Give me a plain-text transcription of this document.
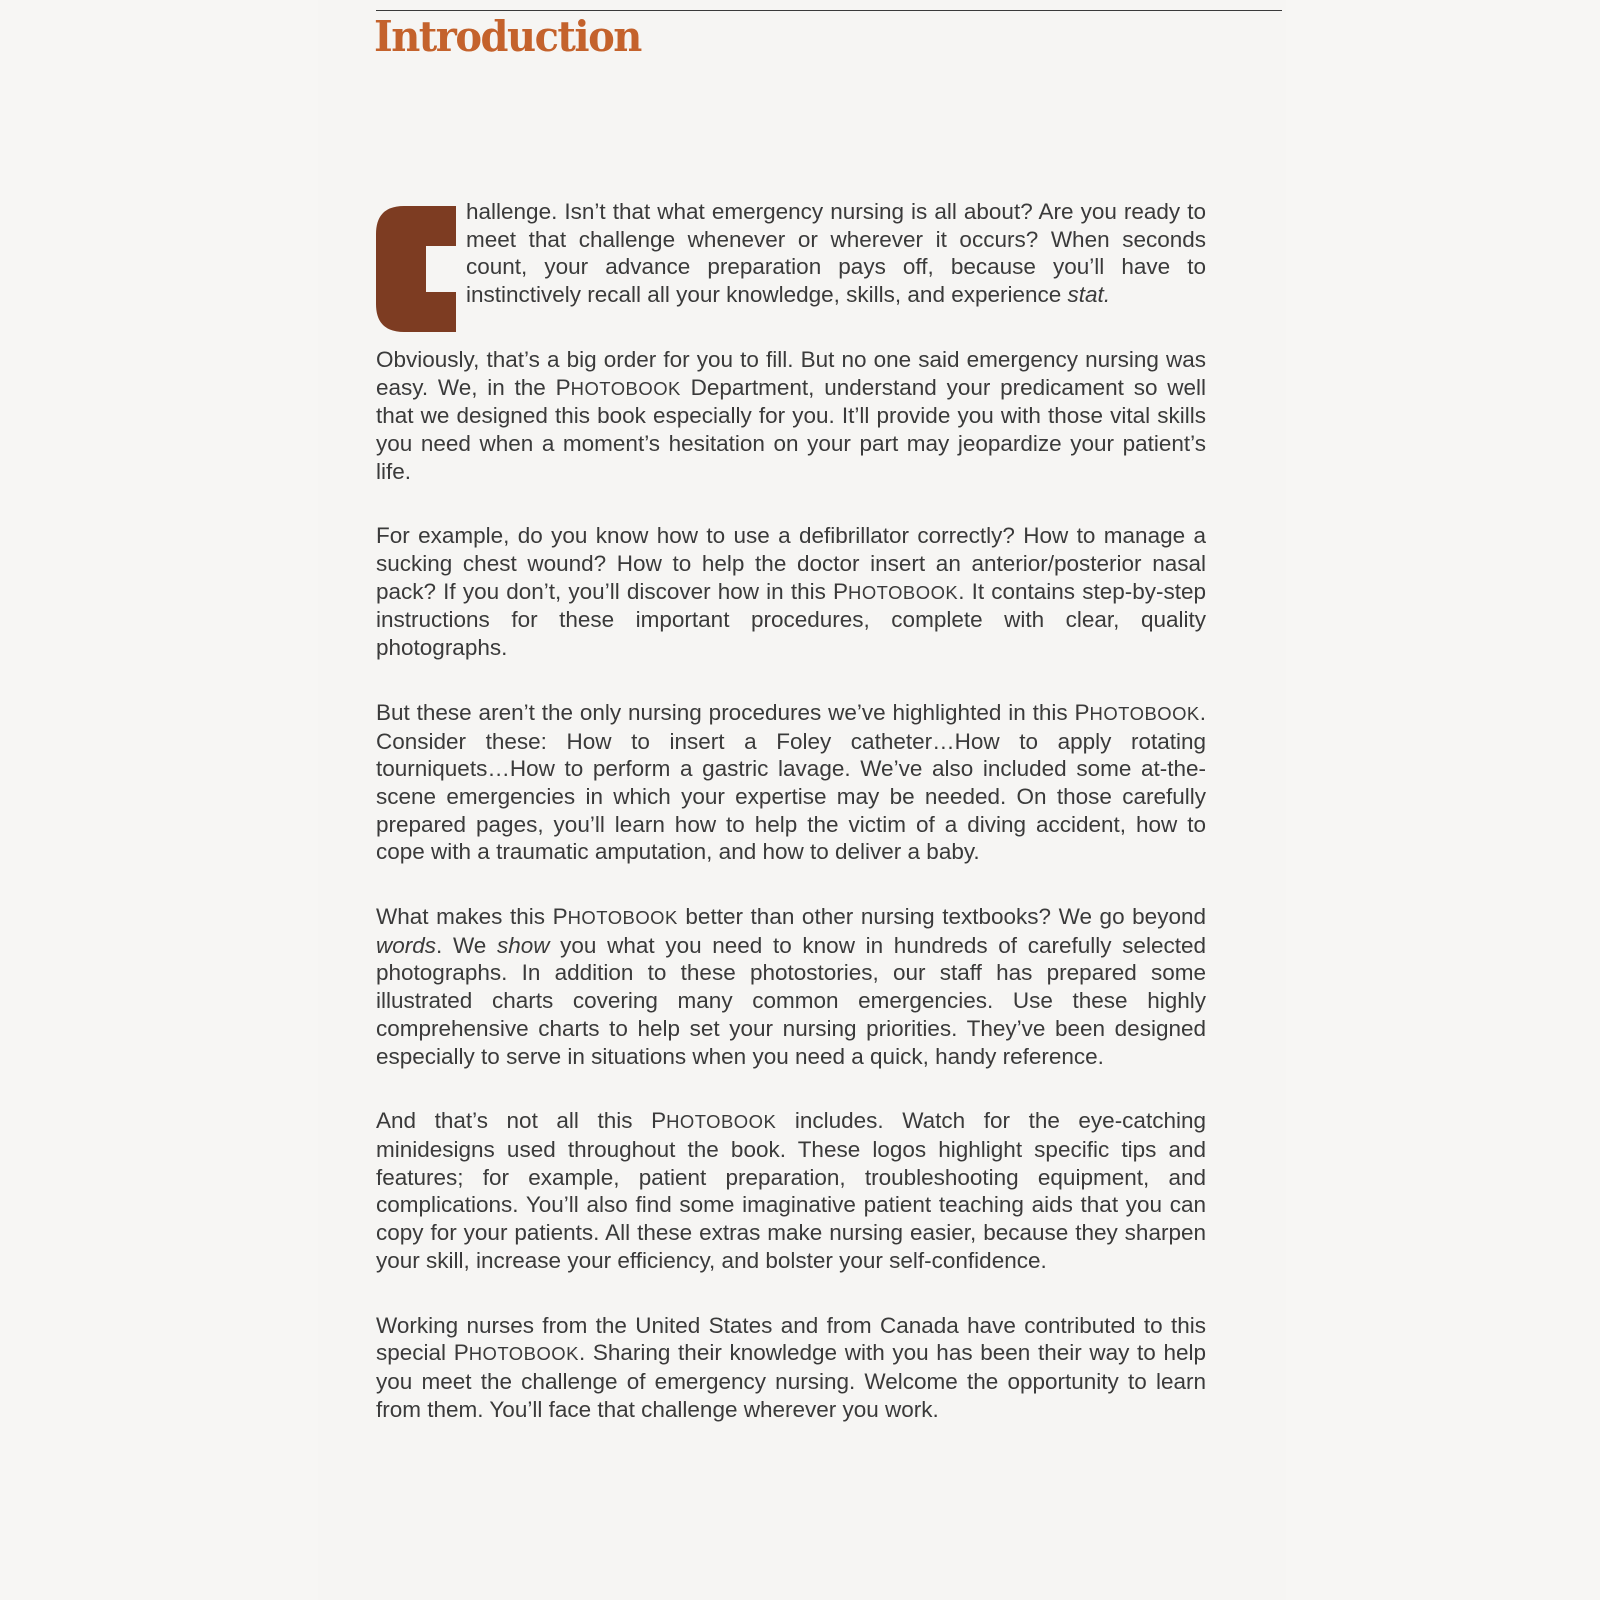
Introduction

hallenge. Isn’t that what emergency nursing is all about? Are you ready to meet that challenge whenever or wherever it occurs? When seconds count, your advance preparation pays off, because you’ll have to instinctively recall all your knowledge, skills, and experience stat.

Obviously, that’s a big order for you to fill. But no one said emergency nursing was easy. We, in the PHOTOBOOK Department, understand your predicament so well that we designed this book especially for you. It’ll provide you with those vital skills you need when a moment’s hesitation on your part may jeopardize your patient’s life.

For example, do you know how to use a defibrillator correctly? How to manage a sucking chest wound? How to help the doctor insert an anterior/posterior nasal pack? If you don’t, you’ll discover how in this PHOTOBOOK. It contains step-by-step instructions for these important procedures, complete with clear, quality photographs.

But these aren’t the only nursing procedures we’ve highlighted in this PHOTOBOOK. Consider these: How to insert a Foley catheter…How to apply rotating tourniquets…How to perform a gastric lavage. We’ve also included some at-the-scene emergencies in which your expertise may be needed. On those carefully prepared pages, you’ll learn how to help the victim of a diving accident, how to cope with a traumatic amputation, and how to deliver a baby.

What makes this PHOTOBOOK better than other nursing textbooks? We go beyond words. We show you what you need to know in hundreds of carefully selected photographs. In addition to these photostories, our staff has prepared some illustrated charts covering many common emergencies. Use these highly comprehensive charts to help set your nursing priorities. They’ve been designed especially to serve in situations when you need a quick, handy reference.

And that’s not all this PHOTOBOOK includes. Watch for the eye-catching minidesigns used throughout the book. These logos highlight specific tips and features; for example, patient preparation, troubleshooting equipment, and complications. You’ll also find some imaginative patient teaching aids that you can copy for your patients. All these extras make nursing easier, because they sharpen your skill, increase your efficiency, and bolster your self-confidence.

Working nurses from the United States and from Canada have contributed to this special PHOTOBOOK. Sharing their knowledge with you has been their way to help you meet the challenge of emergency nursing. Welcome the opportunity to learn from them. You’ll face that challenge wherever you work.
